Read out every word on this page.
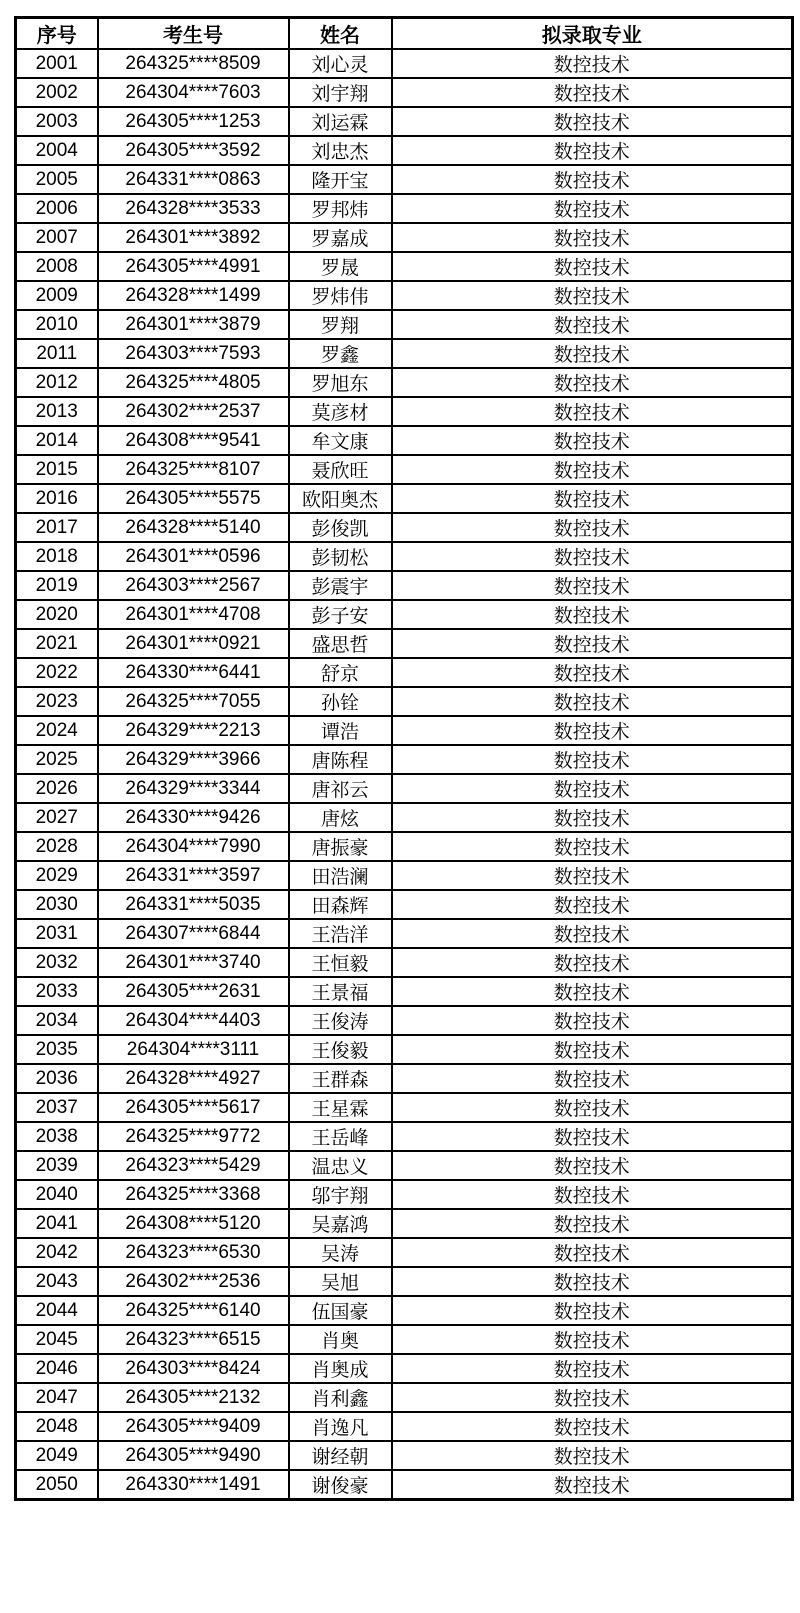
序号	考生号	姓名	拟录取专业
2001	264325****8509	刘心灵	数控技术
2002	264304****7603	刘宇翔	数控技术
2003	264305****1253	刘运霖	数控技术
2004	264305****3592	刘忠杰	数控技术
2005	264331****0863	隆开宝	数控技术
2006	264328****3533	罗邦炜	数控技术
2007	264301****3892	罗嘉成	数控技术
2008	264305****4991	罗晟	数控技术
2009	264328****1499	罗炜伟	数控技术
2010	264301****3879	罗翔	数控技术
2011	264303****7593	罗鑫	数控技术
2012	264325****4805	罗旭东	数控技术
2013	264302****2537	莫彦材	数控技术
2014	264308****9541	牟文康	数控技术
2015	264325****8107	聂欣旺	数控技术
2016	264305****5575	欧阳奥杰	数控技术
2017	264328****5140	彭俊凯	数控技术
2018	264301****0596	彭韧松	数控技术
2019	264303****2567	彭震宇	数控技术
2020	264301****4708	彭子安	数控技术
2021	264301****0921	盛思哲	数控技术
2022	264330****6441	舒京	数控技术
2023	264325****7055	孙铨	数控技术
2024	264329****2213	谭浩	数控技术
2025	264329****3966	唐陈程	数控技术
2026	264329****3344	唐祁云	数控技术
2027	264330****9426	唐炫	数控技术
2028	264304****7990	唐振豪	数控技术
2029	264331****3597	田浩澜	数控技术
2030	264331****5035	田森辉	数控技术
2031	264307****6844	王浩洋	数控技术
2032	264301****3740	王恒毅	数控技术
2033	264305****2631	王景福	数控技术
2034	264304****4403	王俊涛	数控技术
2035	264304****3111	王俊毅	数控技术
2036	264328****4927	王群森	数控技术
2037	264305****5617	王星霖	数控技术
2038	264325****9772	王岳峰	数控技术
2039	264323****5429	温忠义	数控技术
2040	264325****3368	邬宇翔	数控技术
2041	264308****5120	吴嘉鸿	数控技术
2042	264323****6530	吴涛	数控技术
2043	264302****2536	吴旭	数控技术
2044	264325****6140	伍国豪	数控技术
2045	264323****6515	肖奥	数控技术
2046	264303****8424	肖奥成	数控技术
2047	264305****2132	肖利鑫	数控技术
2048	264305****9409	肖逸凡	数控技术
2049	264305****9490	谢经朝	数控技术
2050	264330****1491	谢俊豪	数控技术
